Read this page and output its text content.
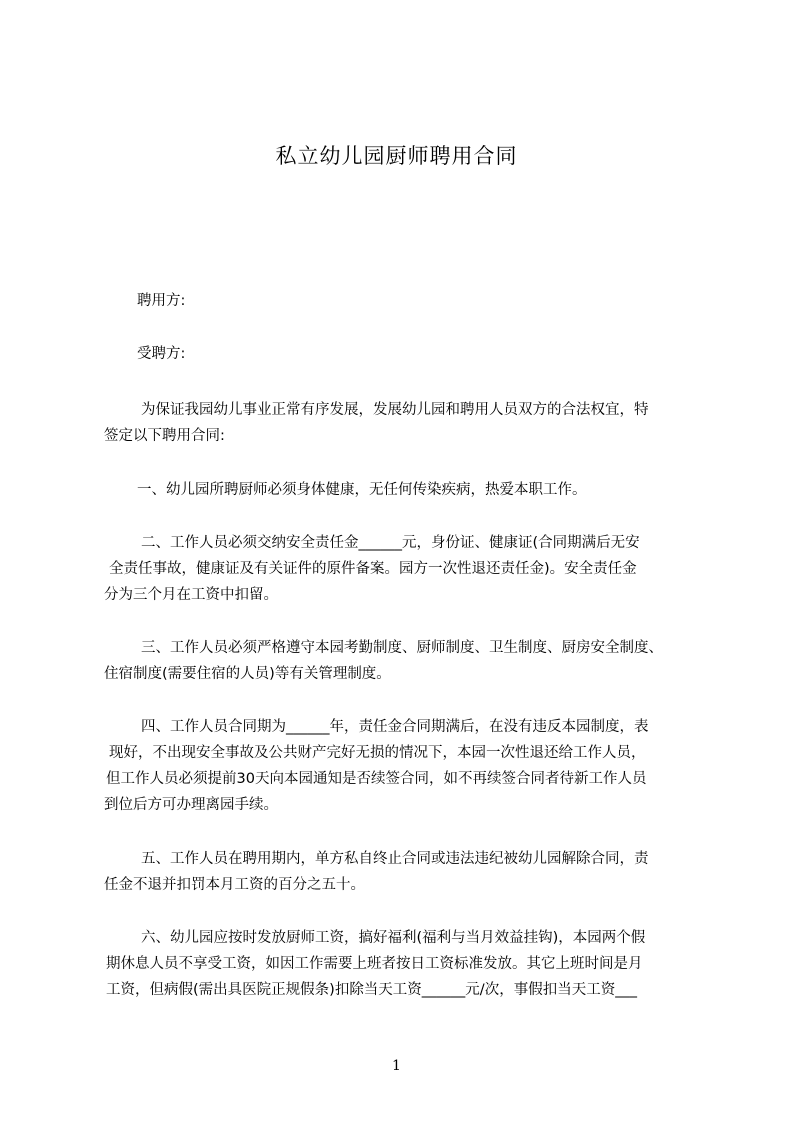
私立幼儿园厨师聘用合同
聘用方:
受聘方:
为保证我园幼儿事业正常有序发展，发展幼儿园和聘用人员双方的合法权宜，特
签定以下聘用合同:
一、幼儿园所聘厨师必须身体健康，无任何传染疾病，热爱本职工作。
二、工作人员必须交纳安全责任金______元，身份证、健康证(合同期满后无安
全责任事故，健康证及有关证件的原件备案。园方一次性退还责任金)。安全责任金
分为三个月在工资中扣留。
三、工作人员必须严格遵守本园考勤制度、厨师制度、卫生制度、厨房安全制度、
住宿制度(需要住宿的人员)等有关管理制度。
四、工作人员合同期为______年，责任金合同期满后，在没有违反本园制度，表
现好，不出现安全事故及公共财产完好无损的情况下，本园一次性退还给工作人员，
但工作人员必须提前30天向本园通知是否续签合同，如不再续签合同者待新工作人员
到位后方可办理离园手续。
五、工作人员在聘用期内，单方私自终止合同或违法违纪被幼儿园解除合同，责
任金不退并扣罚本月工资的百分之五十。
六、幼儿园应按时发放厨师工资，搞好福利(福利与当月效益挂钩)，本园两个假
期休息人员不享受工资，如因工作需要上班者按日工资标准发放。其它上班时间是月
工资，但病假(需出具医院正规假条)扣除当天工资______元/次，事假扣当天工资___
1
